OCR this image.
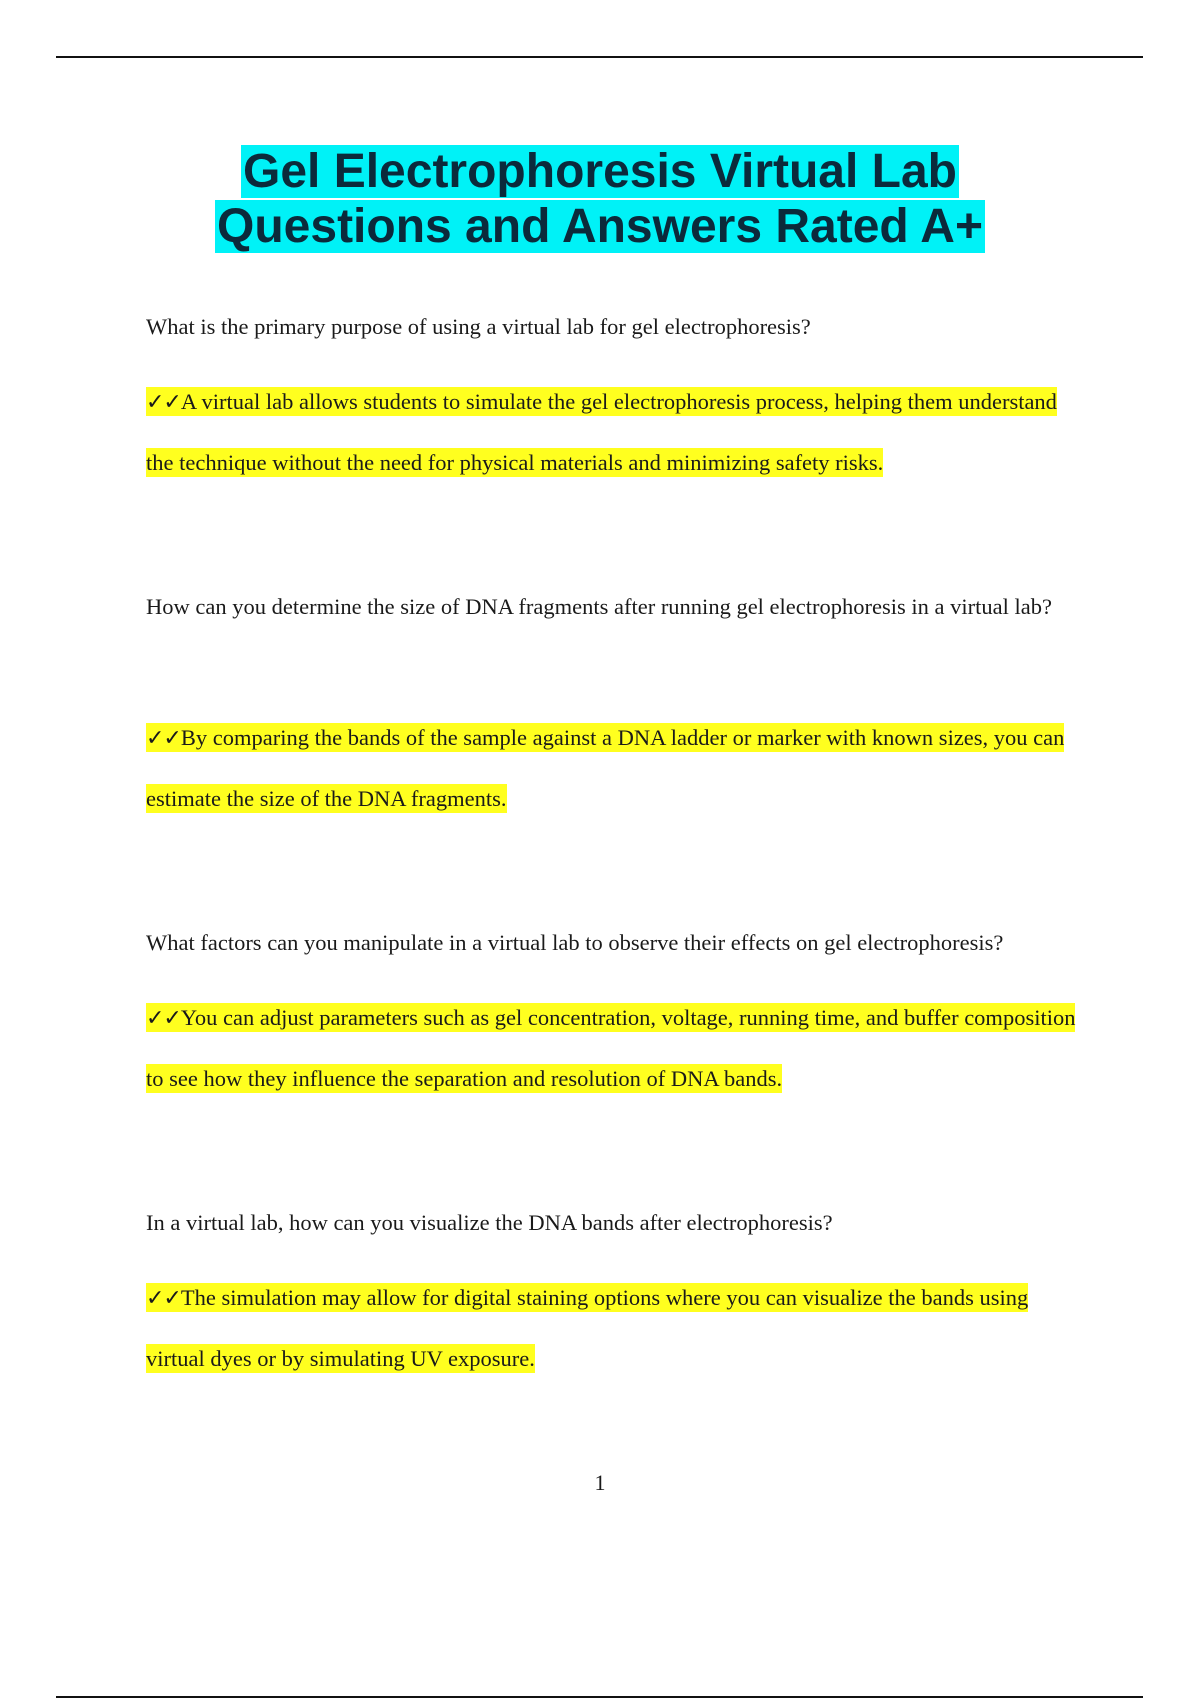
Gel Electrophoresis Virtual Lab
Questions and Answers Rated A+

What is the primary purpose of using a virtual lab for gel electrophoresis?

✓✓A virtual lab allows students to simulate the gel electrophoresis process, helping them understand the technique without the need for physical materials and minimizing safety risks.

How can you determine the size of DNA fragments after running gel electrophoresis in a virtual lab?

✓✓By comparing the bands of the sample against a DNA ladder or marker with known sizes, you can estimate the size of the DNA fragments.

What factors can you manipulate in a virtual lab to observe their effects on gel electrophoresis?

✓✓You can adjust parameters such as gel concentration, voltage, running time, and buffer composition to see how they influence the separation and resolution of DNA bands.

In a virtual lab, how can you visualize the DNA bands after electrophoresis?

✓✓The simulation may allow for digital staining options where you can visualize the bands using virtual dyes or by simulating UV exposure.

1
